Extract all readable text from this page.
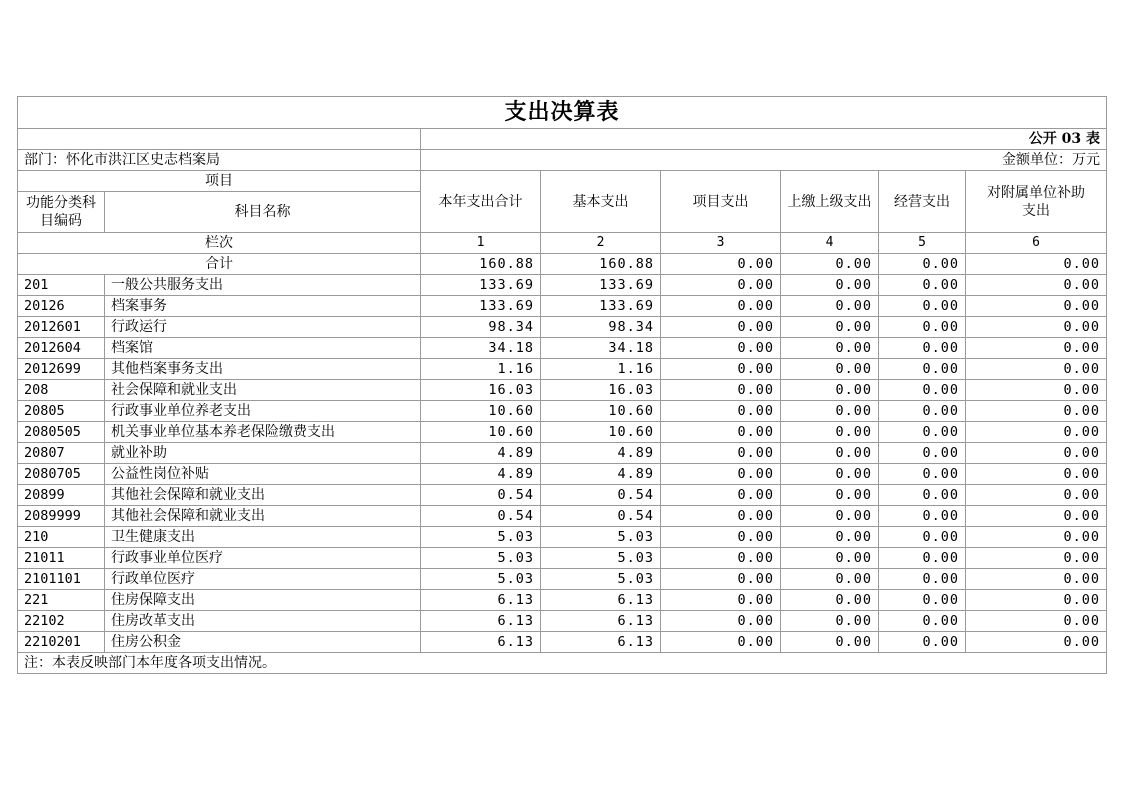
支出决算表							
		公开 03 表					
部门：怀化市洪江区史志档案局		金额单位：万元					
项目		本年支出合计	基本支出	项目支出	上缴上级支出	经营支出	对附属单位补助支出
功能分类科目编码	科目名称						
栏次		1	2	3	4	5	6
合计		160.88	160.88	0.00	0.00	0.00	0.00
201	一般公共服务支出	133.69	133.69	0.00	0.00	0.00	0.00
20126	档案事务	133.69	133.69	0.00	0.00	0.00	0.00
2012601	行政运行	98.34	98.34	0.00	0.00	0.00	0.00
2012604	档案馆	34.18	34.18	0.00	0.00	0.00	0.00
2012699	其他档案事务支出	1.16	1.16	0.00	0.00	0.00	0.00
208	社会保障和就业支出	16.03	16.03	0.00	0.00	0.00	0.00
20805	行政事业单位养老支出	10.60	10.60	0.00	0.00	0.00	0.00
2080505	机关事业单位基本养老保险缴费支出	10.60	10.60	0.00	0.00	0.00	0.00
20807	就业补助	4.89	4.89	0.00	0.00	0.00	0.00
2080705	公益性岗位补贴	4.89	4.89	0.00	0.00	0.00	0.00
20899	其他社会保障和就业支出	0.54	0.54	0.00	0.00	0.00	0.00
2089999	其他社会保障和就业支出	0.54	0.54	0.00	0.00	0.00	0.00
210	卫生健康支出	5.03	5.03	0.00	0.00	0.00	0.00
21011	行政事业单位医疗	5.03	5.03	0.00	0.00	0.00	0.00
2101101	行政单位医疗	5.03	5.03	0.00	0.00	0.00	0.00
221	住房保障支出	6.13	6.13	0.00	0.00	0.00	0.00
22102	住房改革支出	6.13	6.13	0.00	0.00	0.00	0.00
2210201	住房公积金	6.13	6.13	0.00	0.00	0.00	0.00
注：本表反映部门本年度各项支出情况。							
